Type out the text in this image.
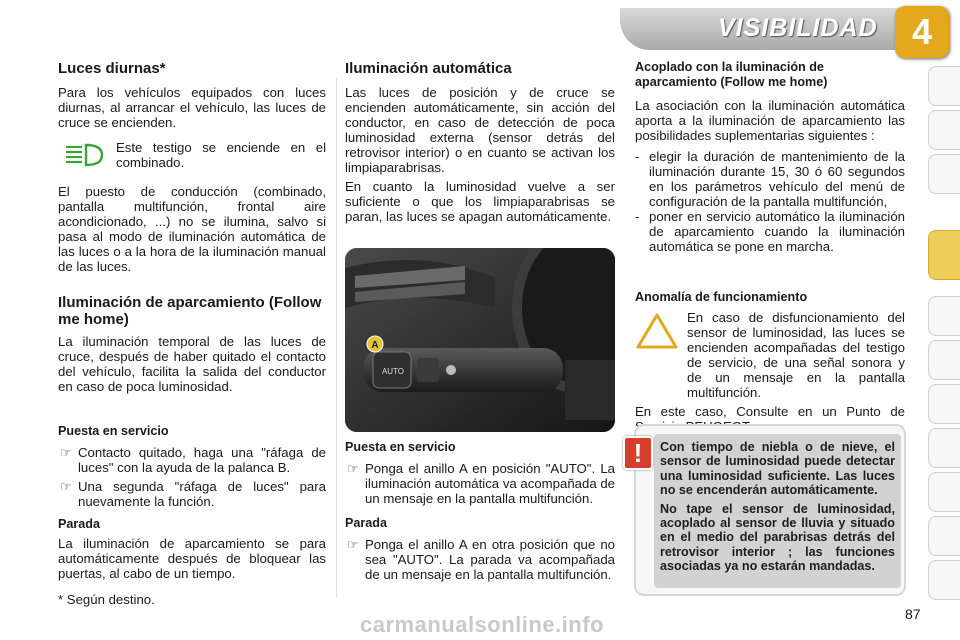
VISIBILIDAD 4
Luces diurnas*

Para los vehículos equipados con luces diurnas, al arrancar el vehículo, las luces de cruce se encienden.

Este testigo se enciende en el combinado.

El puesto de conducción (combinado, pantalla multifunción, frontal aire acondicionado, ...) no se ilumina, salvo si pasa al modo de iluminación automática de las luces o a la hora de la iluminación manual de las luces.

Iluminación de aparcamiento (Follow me home)

La iluminación temporal de las luces de cruce, después de haber quitado el contacto del vehículo, facilita la salida del conductor en caso de poca luminosidad.

Puesta en servicio
☞ Contacto quitado, haga una "ráfaga de luces" con la ayuda de la palanca B.
☞ Una segunda "ráfaga de luces" para nuevamente la función.
Parada

La iluminación de aparcamiento se para automáticamente después de bloquear las puertas, al cabo de un tiempo.

Iluminación automática

Las luces de posición y de cruce se encienden automáticamente, sin acción del conductor, en caso de detección de poca luminosidad externa (sensor detrás del retrovisor interior) o en cuanto se activan los limpiaparabrisas.

En cuanto la luminosidad vuelve a ser suficiente o que los limpiaparabrisas se paran, las luces se apagan automáticamente.

A
AUTO
Puesta en servicio
☞ Ponga el anillo A en posición "AUTO". La iluminación automática va acompañada de un mensaje en la pantalla multifunción.
Parada
☞ Ponga el anillo A en otra posición que no sea "AUTO". La parada va acompañada de un mensaje en la pantalla multifunción.
Acoplado con la iluminación de aparcamiento (Follow me home)

La asociación con la iluminación automática aporta a la iluminación de aparcamiento las posibilidades suplementarias siguientes :

- elegir la duración de mantenimiento de la iluminación durante 15, 30 ó 60 segundos en los parámetros vehículo del menú de configuración de la pantalla multifunción,
- poner en servicio automático la iluminación de aparcamiento cuando la iluminación automática se pone en marcha.
Anomalía de funcionamiento

En caso de disfuncionamiento del sensor de luminosidad, las luces se encienden acompañadas del testigo de servicio, de una señal sonora y de un mensaje en la pantalla multifunción.

En este caso, Consulte en un Punto de

Con tiempo de niebla o de nieve, el sensor de luminosidad puede detectar una luminosidad suficiente. Las luces no se encenderán automáticamente.

No tape el sensor de luminosidad, acoplado al sensor de lluvia y situado en el medio del parabrisas detrás del retrovisor interior ; las funciones asociadas ya no estarán mandadas.

!
* Según destino.
87
carmanualsonline.info
